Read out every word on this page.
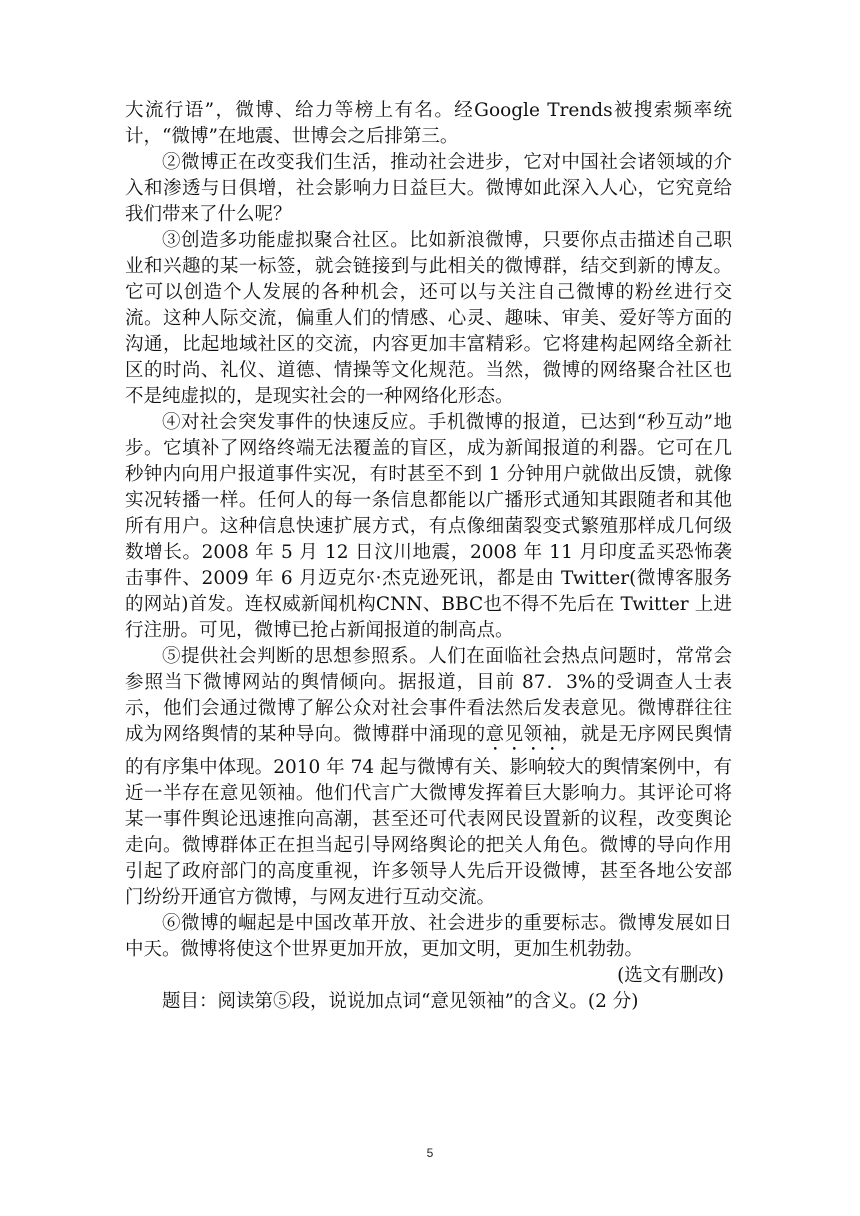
大流行语”，微博、给力等榜上有名。经Google Trends被搜索频率统计，“微博”在地震、世博会之后排第三。

②微博正在改变我们生活，推动社会进步，它对中国社会诸领域的介入和渗透与日俱增，社会影响力日益巨大。微博如此深入人心，它究竟给我们带来了什么呢？

③创造多功能虚拟聚合社区。比如新浪微博，只要你点击描述自己职业和兴趣的某一标签，就会链接到与此相关的微博群，结交到新的博友。它可以创造个人发展的各种机会，还可以与关注自己微博的粉丝进行交流。这种人际交流，偏重人们的情感、心灵、趣味、审美、爱好等方面的沟通，比起地域社区的交流，内容更加丰富精彩。它将建构起网络全新社区的时尚、礼仪、道德、情操等文化规范。当然，微博的网络聚合社区也不是纯虚拟的，是现实社会的一种网络化形态。

④对社会突发事件的快速反应。手机微博的报道，已达到“秒互动”地步。它填补了网络终端无法覆盖的盲区，成为新闻报道的利器。它可在几秒钟内向用户报道事件实况，有时甚至不到 1 分钟用户就做出反馈，就像实况转播一样。任何人的每一条信息都能以广播形式通知其跟随者和其他所有用户。这种信息快速扩展方式，有点像细菌裂变式繁殖那样成几何级数增长。2008 年 5 月 12 日汶川地震，2008 年 11 月印度孟买恐怖袭击事件、2009 年 6 月迈克尔·杰克逊死讯，都是由 Twitter(微博客服务的网站)首发。连权威新闻机构CNN、BBC也不得不先后在 Twitter 上进行注册。可见，微博已抢占新闻报道的制高点。

⑤提供社会判断的思想参照系。人们在面临社会热点问题时，常常会参照当下微博网站的舆情倾向。据报道，目前 87．3%的受调查人士表示，他们会通过微博了解公众对社会事件看法然后发表意见。微博群往往成为网络舆情的某种导向。微博群中涌现的意见领袖，就是无序网民舆情的有序集中体现。2010 年 74 起与微博有关、影响较大的舆情案例中，有近一半存在意见领袖。他们代言广大微博发挥着巨大影响力。其评论可将某一事件舆论迅速推向高潮，甚至还可代表网民设置新的议程，改变舆论走向。微博群体正在担当起引导网络舆论的把关人角色。微博的导向作用引起了政府部门的高度重视，许多领导人先后开设微博，甚至各地公安部门纷纷开通官方微博，与网友进行互动交流。

⑥微博的崛起是中国改革开放、社会进步的重要标志。微博发展如日中天。微博将使这个世界更加开放，更加文明，更加生机勃勃。

(选文有删改)

题目：阅读第⑤段，说说加点词“意见领袖”的含义。(2 分)

5
